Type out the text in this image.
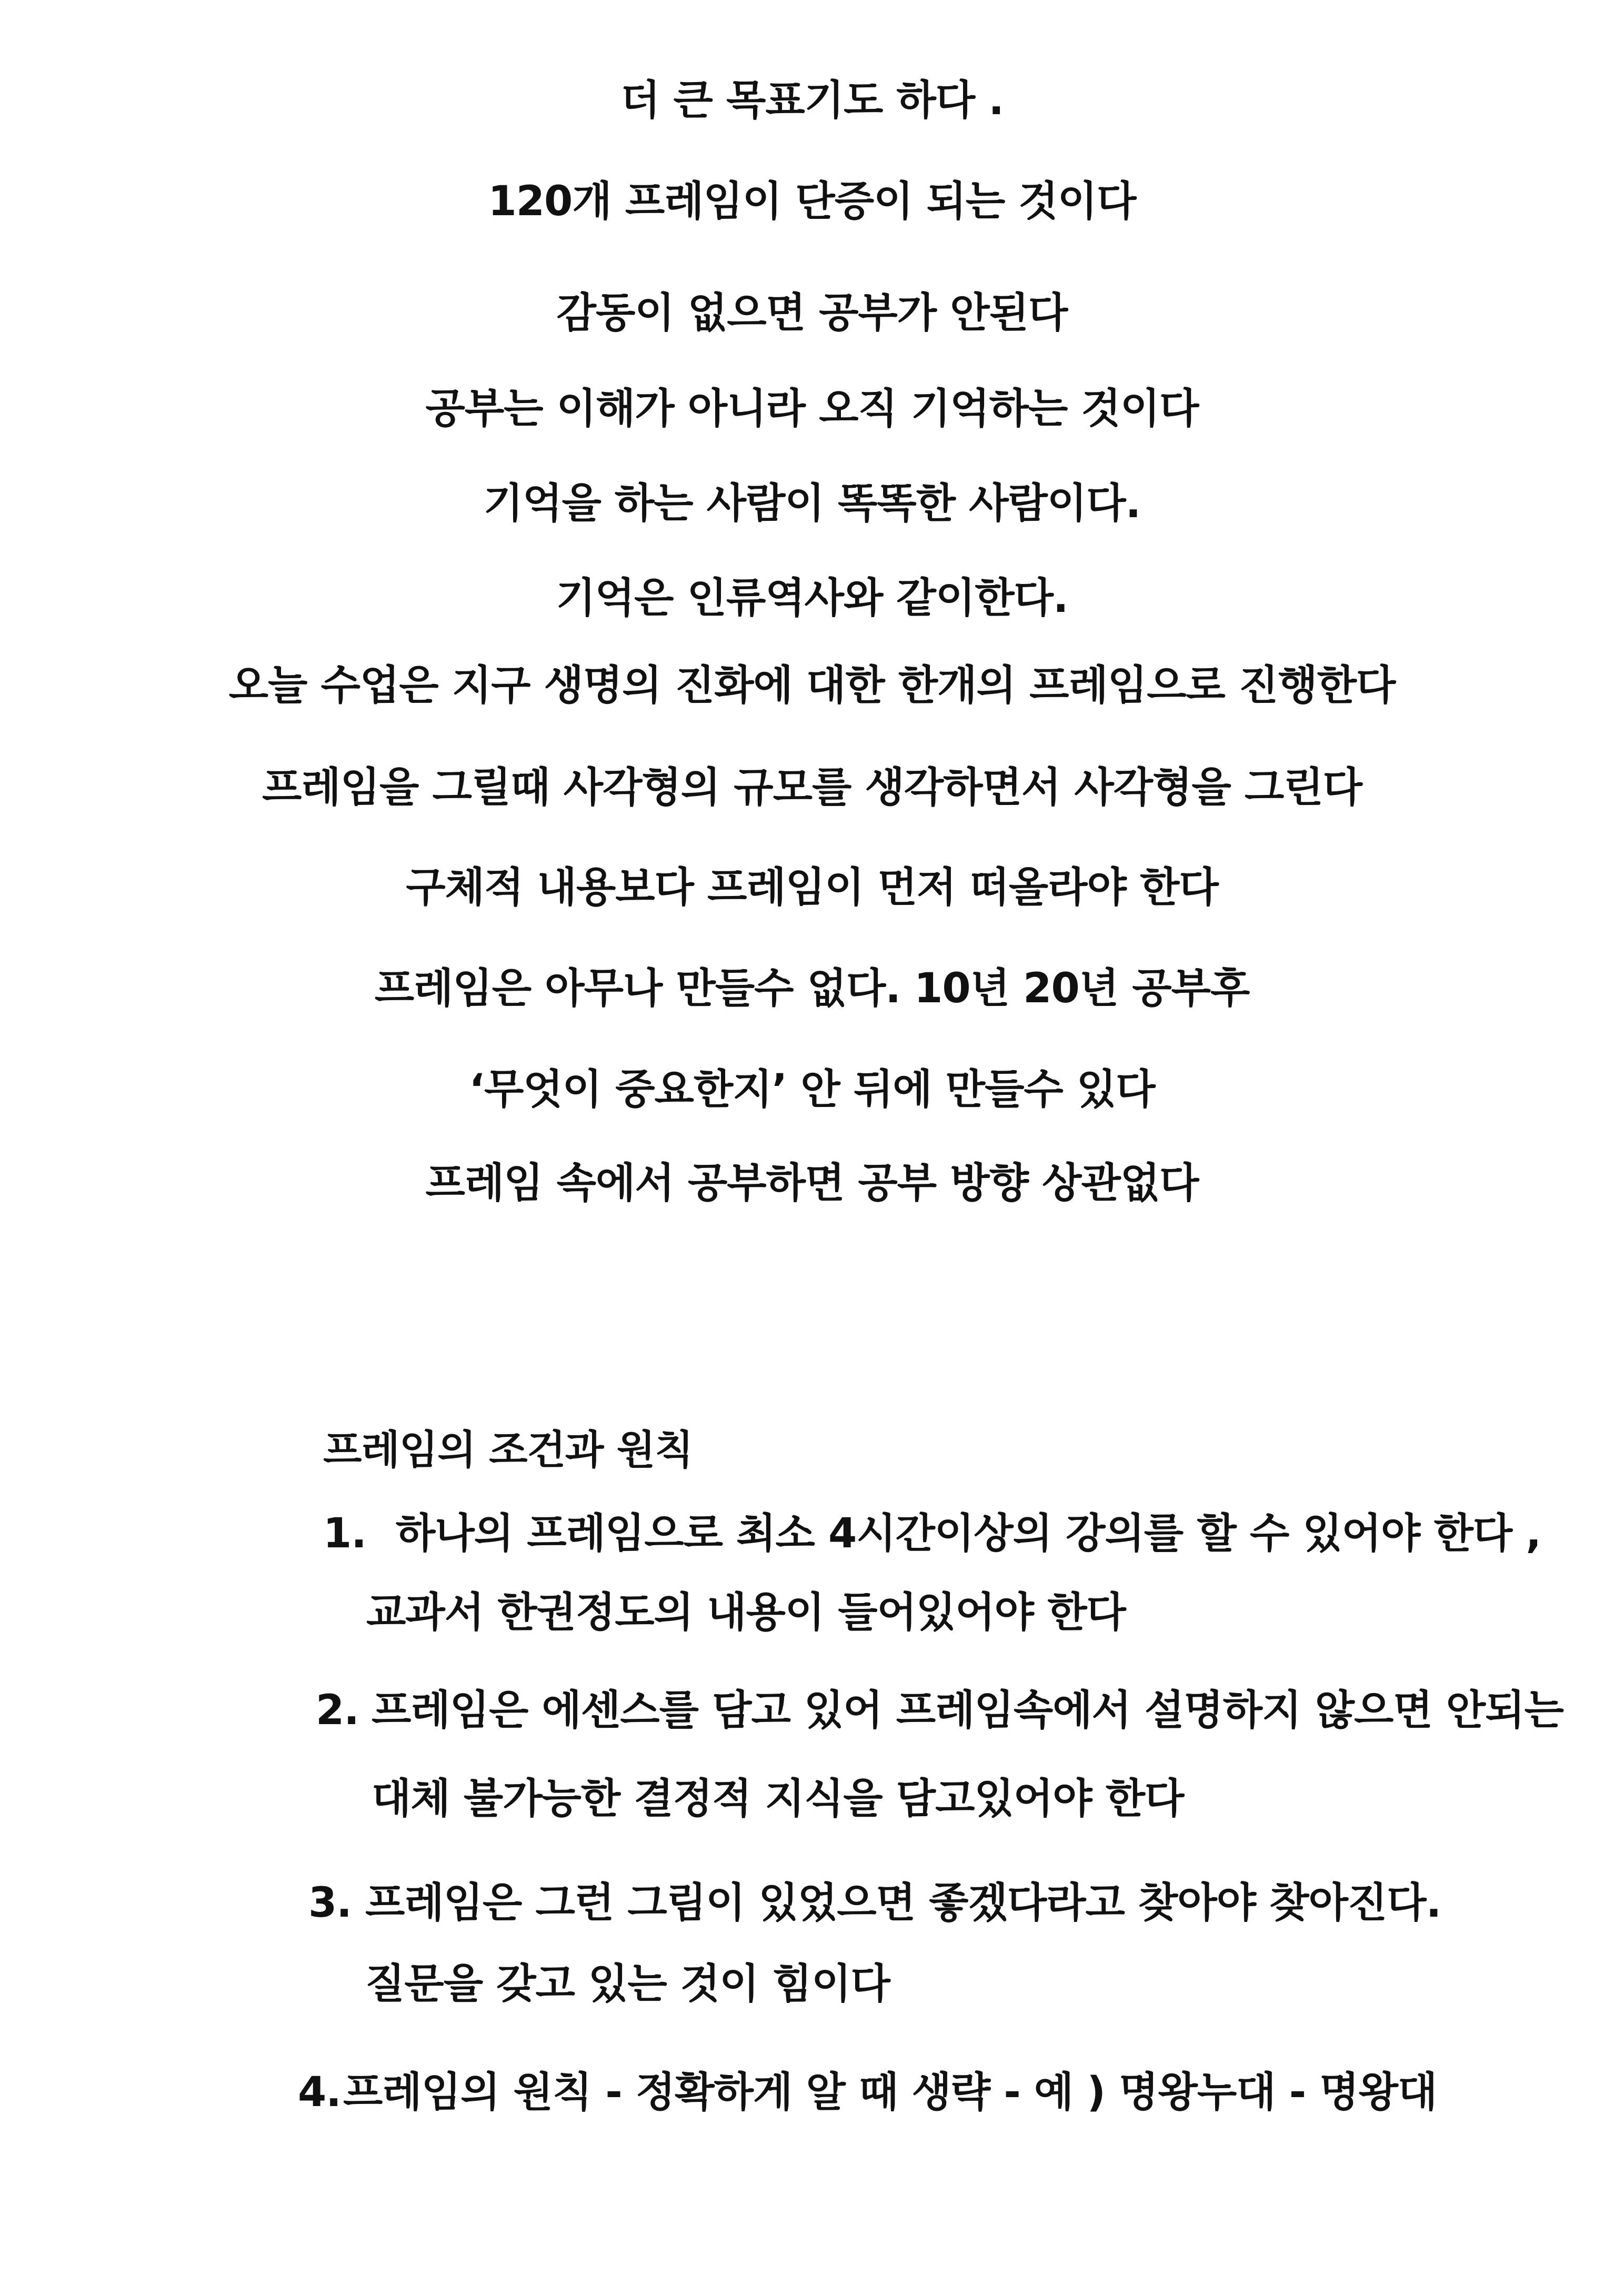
더 큰 목표기도 하다 .
120개 프레임이 단증이 되는 것이다
감동이 없으면 공부가 안된다
공부는 이해가 아니라 오직 기억하는 것이다
기억을 하는 사람이 똑똑한 사람이다.
기억은 인류역사와 같이한다.
오늘 수업은 지구 생명의 진화에 대한 한개의 프레임으로 진행한다
프레임을 그릴때 사각형의 규모를 생각하면서 사각형을 그린다
구체적 내용보다 프레임이 먼저 떠올라야 한다
프레임은 아무나 만들수 없다. 10년 20년 공부후
‘무엇이 중요한지’ 안 뒤에 만들수 있다
프레임 속에서 공부하면 공부 방향 상관없다
프레임의 조건과 원칙
1. 하나의 프레임으로 최소 4시간이상의 강의를 할 수 있어야 한다 ,
교과서 한권정도의 내용이 들어있어야 한다
2. 프레임은 에센스를 담고 있어 프레임속에서 설명하지 않으면 안되는
대체 불가능한 결정적 지식을 담고있어야 한다
3. 프레임은 그런 그림이 있었으면 좋겠다라고 찾아야 찾아진다.
질문을 갖고 있는 것이 힘이다
4. 프레임의 원칙 - 정확하게 알 때 생략 - 예 ) 명왕누대 - 명왕대
